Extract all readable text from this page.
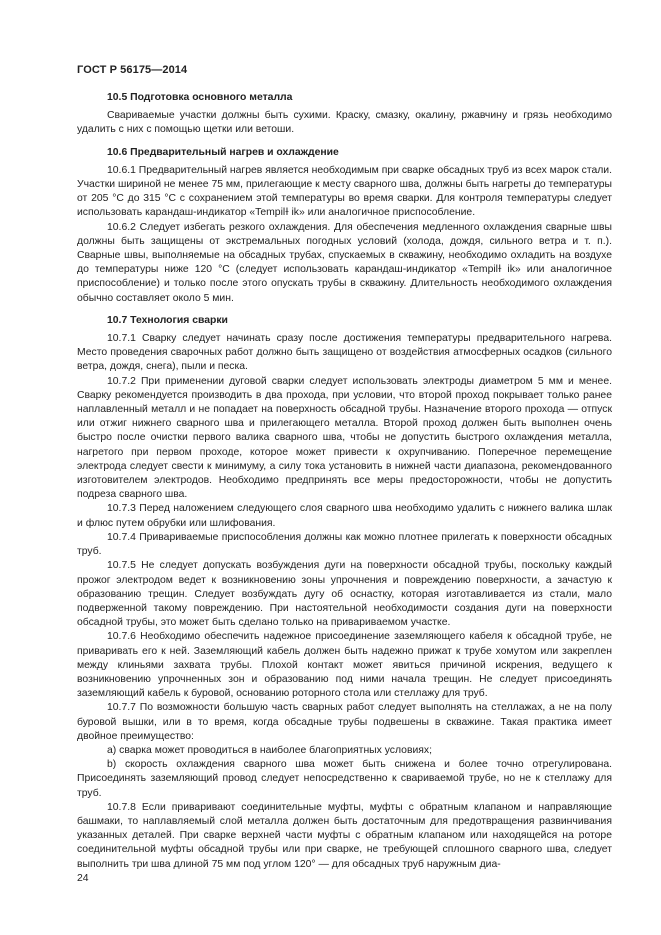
ГОСТ Р 56175—2014

10.5 Подготовка основного металла

Свариваемые участки должны быть сухими. Краску, смазку, окалину, ржавчину и грязь необходимо удалить с них с помощью щетки или ветоши.

10.6 Предварительный нагрев и охлаждение

10.6.1 Предварительный нагрев является необходимым при сварке обсадных труб из всех марок стали. Участки шириной не менее 75 мм, прилегающие к месту сварного шва, должны быть нагреты до температуры от 205 °С до 315 °С с сохранением этой температуры во время сварки. Для контроля температуры следует использовать карандаш-индикатор «Tempilɫ ik» или аналогичное приспособление.

10.6.2 Следует избегать резкого охлаждения. Для обеспечения медленного охлаждения сварные швы должны быть защищены от экстремальных погодных условий (холода, дождя, сильного ветра и т. п.). Сварные швы, выполняемые на обсадных трубах, спускаемых в скважину, необходимо охладить на воздухе до температуры ниже 120 °С (следует использовать карандаш-индикатор «Tempilɫ ik» или аналогичное приспособление) и только после этого опускать трубы в скважину. Длительность необходимого охлаждения обычно составляет около 5 мин.

10.7 Технология сварки

10.7.1 Сварку следует начинать сразу после достижения температуры предварительного нагрева. Место проведения сварочных работ должно быть защищено от воздействия атмосферных осадков (сильного ветра, дождя, снега), пыли и песка.

10.7.2 При применении дуговой сварки следует использовать электроды диаметром 5 мм и менее. Сварку рекомендуется производить в два прохода, при условии, что второй проход покрывает только ранее наплавленный металл и не попадает на поверхность обсадной трубы. Назначение второго прохода — отпуск или отжиг нижнего сварного шва и прилегающего металла. Второй проход должен быть выполнен очень быстро после очистки первого валика сварного шва, чтобы не допустить быстрого охлаждения металла, нагретого при первом проходе, которое может привести к охрупчиванию. Поперечное перемещение электрода следует свести к минимуму, а силу тока установить в нижней части диапазона, рекомендованного изготовителем электродов. Необходимо предпринять все меры предосторожности, чтобы не допустить подреза сварного шва.

10.7.3 Перед наложением следующего слоя сварного шва необходимо удалить с нижнего валика шлак и флюс путем обрубки или шлифования.

10.7.4 Привариваемые приспособления должны как можно плотнее прилегать к поверхности обсадных труб.

10.7.5 Не следует допускать возбуждения дуги на поверхности обсадной трубы, поскольку каждый прожог электродом ведет к возникновению зоны упрочнения и повреждению поверхности, а зачастую к образованию трещин. Следует возбуждать дугу об оснастку, которая изготавливается из стали, мало подверженной такому повреждению. При настоятельной необходимости создания дуги на поверхности обсадной трубы, это может быть сделано только на привариваемом участке.

10.7.6 Необходимо обеспечить надежное присоединение заземляющего кабеля к обсадной трубе, не приваривать его к ней. Заземляющий кабель должен быть надежно прижат к трубе хомутом или закреплен между клиньями захвата трубы. Плохой контакт может явиться причиной искрения, ведущего к возникновению упрочненных зон и образованию под ними начала трещин. Не следует присоединять заземляющий кабель к буровой, основанию роторного стола или стеллажу для труб.

10.7.7 По возможности большую часть сварных работ следует выполнять на стеллажах, а не на полу буровой вышки, или в то время, когда обсадные трубы подвешены в скважине. Такая практика имеет двойное преимущество:

а) сварка может проводиться в наиболее благоприятных условиях;

b) скорость охлаждения сварного шва может быть снижена и более точно отрегулирована. Присоединять заземляющий провод следует непосредственно к свариваемой трубе, но не к стеллажу для труб.

10.7.8 Если приваривают соединительные муфты, муфты с обратным клапаном и направляющие башмаки, то наплавляемый слой металла должен быть достаточным для предотвращения развинчивания указанных деталей. При сварке верхней части муфты с обратным клапаном или находящейся на роторе соединительной муфты обсадной трубы или при сварке, не требующей сплошного сварного шва, следует выполнить три шва длиной 75 мм под углом 120° — для обсадных труб наружным диа-

24
